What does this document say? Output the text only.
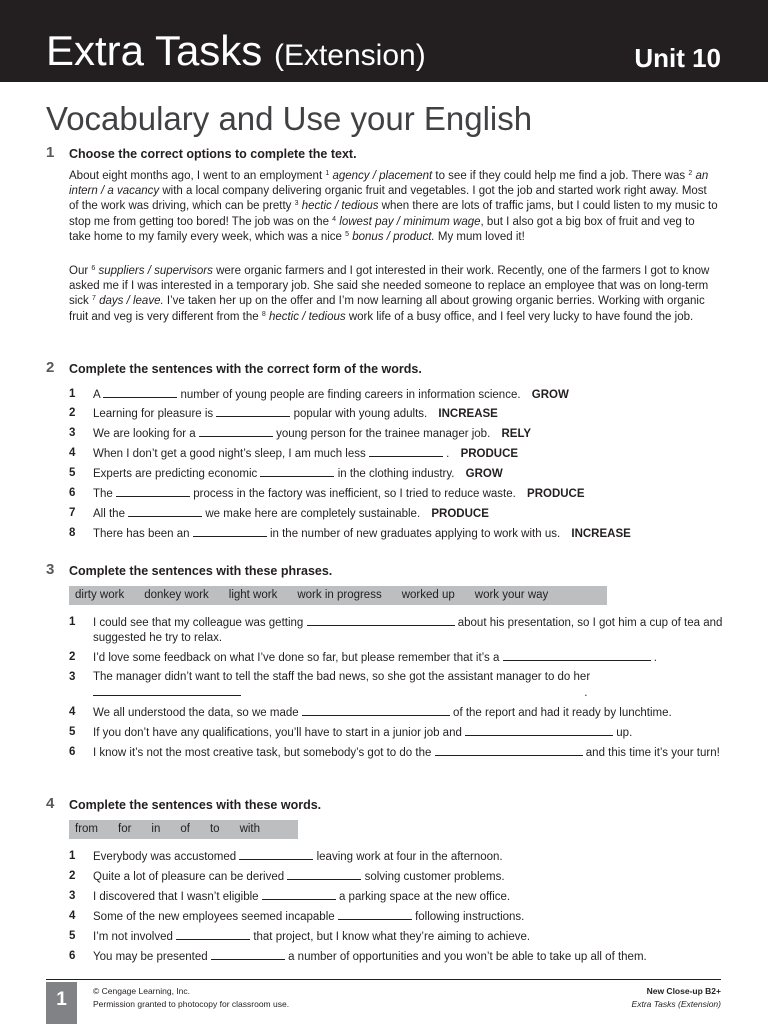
Extra Tasks (Extension)	Unit 10
Vocabulary and Use your English
1 Choose the correct options to complete the text.

About eight months ago, I went to an employment $^1$ agency / placement to see if they could help me find a job. There was $^2$ an intern / a vacancy with a local company delivering organic fruit and vegetables. I got the job and started work right away. Most of the work was driving, which can be pretty $^3$ hectic / tedious when there are lots of traffic jams, but I could listen to my music to stop me from getting too bored! The job was on the $^4$ lowest pay / minimum wage, but I also got a big box of fruit and veg to take home to my family every week, which was a nice $^5$ bonus / product. My mum loved it!

Our $^6$ suppliers / supervisors were organic farmers and I got interested in their work. Recently, one of the farmers I got to know asked me if I was interested in a temporary job. She said she needed someone to replace an employee that was on long-term sick $^7$ days / leave. I’ve taken her up on the offer and I’m now learning all about growing organic berries. Working with organic fruit and veg is very different from the $^8$ hectic / tedious work life of a busy office, and I feel very lucky to have found the job.

2 Complete the sentences with the correct form of the words.
1 A	number of young people are finding careers in information science. GROW
2 Learning for pleasure is	popular with young adults. INCREASE
3 We are looking for a	young person for the trainee manager job. RELY
4 When I don’t get a good night’s sleep, I am much less	. PRODUCE
5 Experts are predicting economic	in the clothing industry. GROW
6 The	process in the factory was inefficient, so I tried to reduce waste. PRODUCE
7 All the	we make here are completely sustainable. PRODUCE
8 There has been an	in the number of new graduates applying to work with us. INCREASE
3 Complete the sentences with these phrases.
dirty work donkey work light work work in progress worked up work your way
1 I could see that my colleague was getting	about his presentation, so I got him a cup of tea and suggested he try to relax.
2 I’d love some feedback on what I’ve done so far, but please remember that it’s a	.
3 The manager didn’t want to tell the staff the bad news, so she got the assistant manager to do her  .
4 We all understood the data, so we made	of the report and had it ready by lunchtime.
5 If you don’t have any qualifications, you’ll have to start in a junior job and	up.
6 I know it’s not the most creative task, but somebody’s got to do the	and this time it’s your turn!
4 Complete the sentences with these words.
from for in of to with
1 Everybody was accustomed	leaving work at four in the afternoon.
2 Quite a lot of pleasure can be derived	solving customer problems.
3 I discovered that I wasn’t eligible	a parking space at the new office.
4 Some of the new employees seemed incapable	following instructions.
5 I’m not involved	that project, but I know what they’re aiming to achieve.
6 You may be presented	a number of opportunities and you won’t be able to take up all of them.
1	© Cengage Learning, Inc.
Permission granted to photocopy for classroom use.
New Close-up B2+
Extra Tasks (Extension)
